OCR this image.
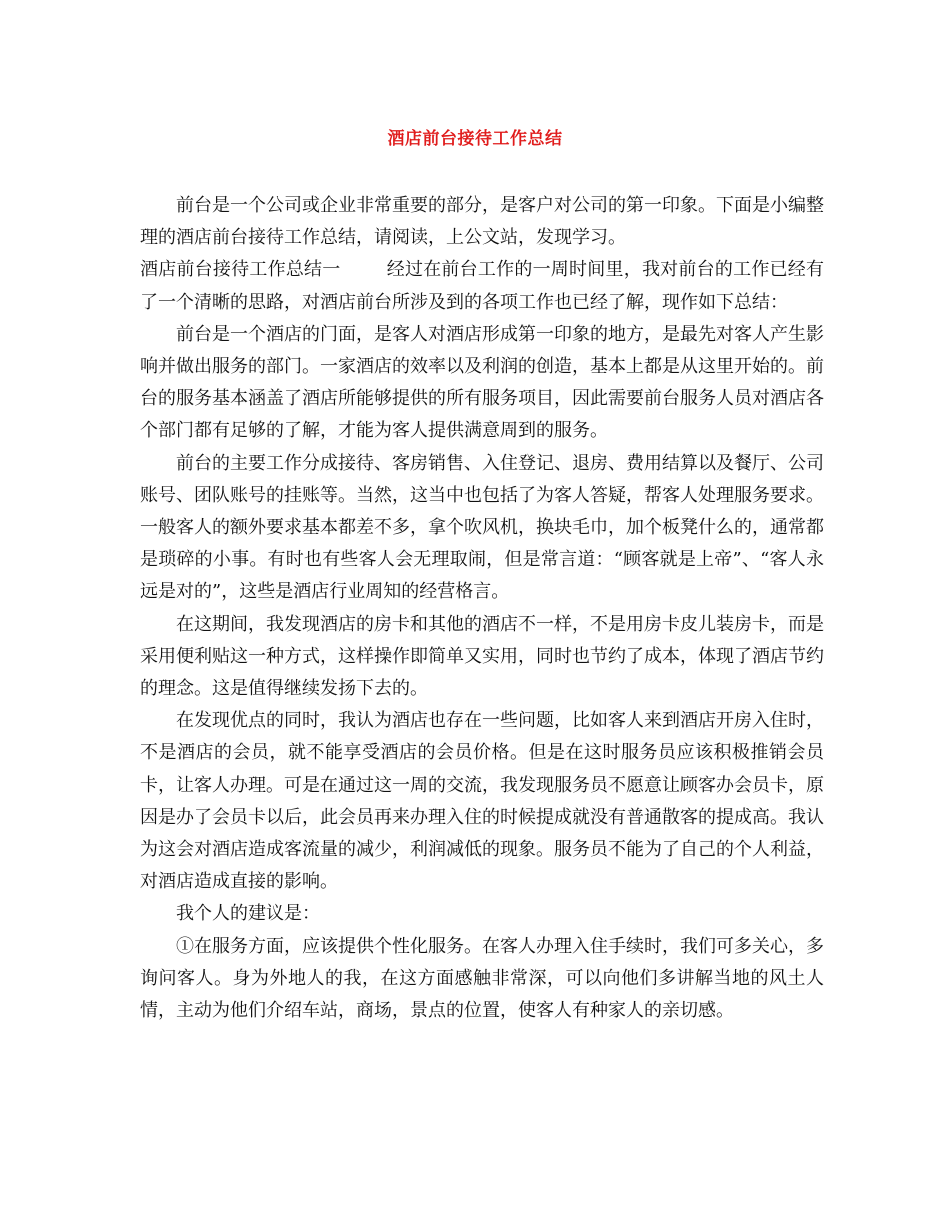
酒店前台接待工作总结

前台是一个公司或企业非常重要的部分，是客户对公司的第一印象。下面是小编整理的酒店前台接待工作总结，请阅读，上公文站，发现学习。

酒店前台接待工作总结一	经过在前台工作的一周时间里，我对前台的工作已经有了一个清晰的思路，对酒店前台所涉及到的各项工作也已经了解，现作如下总结：

前台是一个酒店的门面，是客人对酒店形成第一印象的地方，是最先对客人产生影响并做出服务的部门。一家酒店的效率以及利润的创造，基本上都是从这里开始的。前台的服务基本涵盖了酒店所能够提供的所有服务项目，因此需要前台服务人员对酒店各个部门都有足够的了解，才能为客人提供满意周到的服务。

前台的主要工作分成接待、客房销售、入住登记、退房、费用结算以及餐厅、公司账号、团队账号的挂账等。当然，这当中也包括了为客人答疑，帮客人处理服务要求。一般客人的额外要求基本都差不多，拿个吹风机，换块毛巾，加个板凳什么的，通常都是琐碎的小事。有时也有些客人会无理取闹，但是常言道：“顾客就是上帝”、“客人永远是对的”，这些是酒店行业周知的经营格言。

在这期间，我发现酒店的房卡和其他的酒店不一样，不是用房卡皮儿装房卡，而是采用便利贴这一种方式，这样操作即简单又实用，同时也节约了成本，体现了酒店节约的理念。这是值得继续发扬下去的。

在发现优点的同时，我认为酒店也存在一些问题，比如客人来到酒店开房入住时，不是酒店的会员，就不能享受酒店的会员价格。但是在这时服务员应该积极推销会员卡，让客人办理。可是在通过这一周的交流，我发现服务员不愿意让顾客办会员卡，原因是办了会员卡以后，此会员再来办理入住的时候提成就没有普通散客的提成高。我认为这会对酒店造成客流量的减少，利润减低的现象。服务员不能为了自己的个人利益，对酒店造成直接的影响。

我个人的建议是：

①在服务方面，应该提供个性化服务。在客人办理入住手续时，我们可多关心，多询问客人。身为外地人的我，在这方面感触非常深，可以向他们多讲解当地的风土人情，主动为他们介绍车站，商场，景点的位置，使客人有种家人的亲切感。
